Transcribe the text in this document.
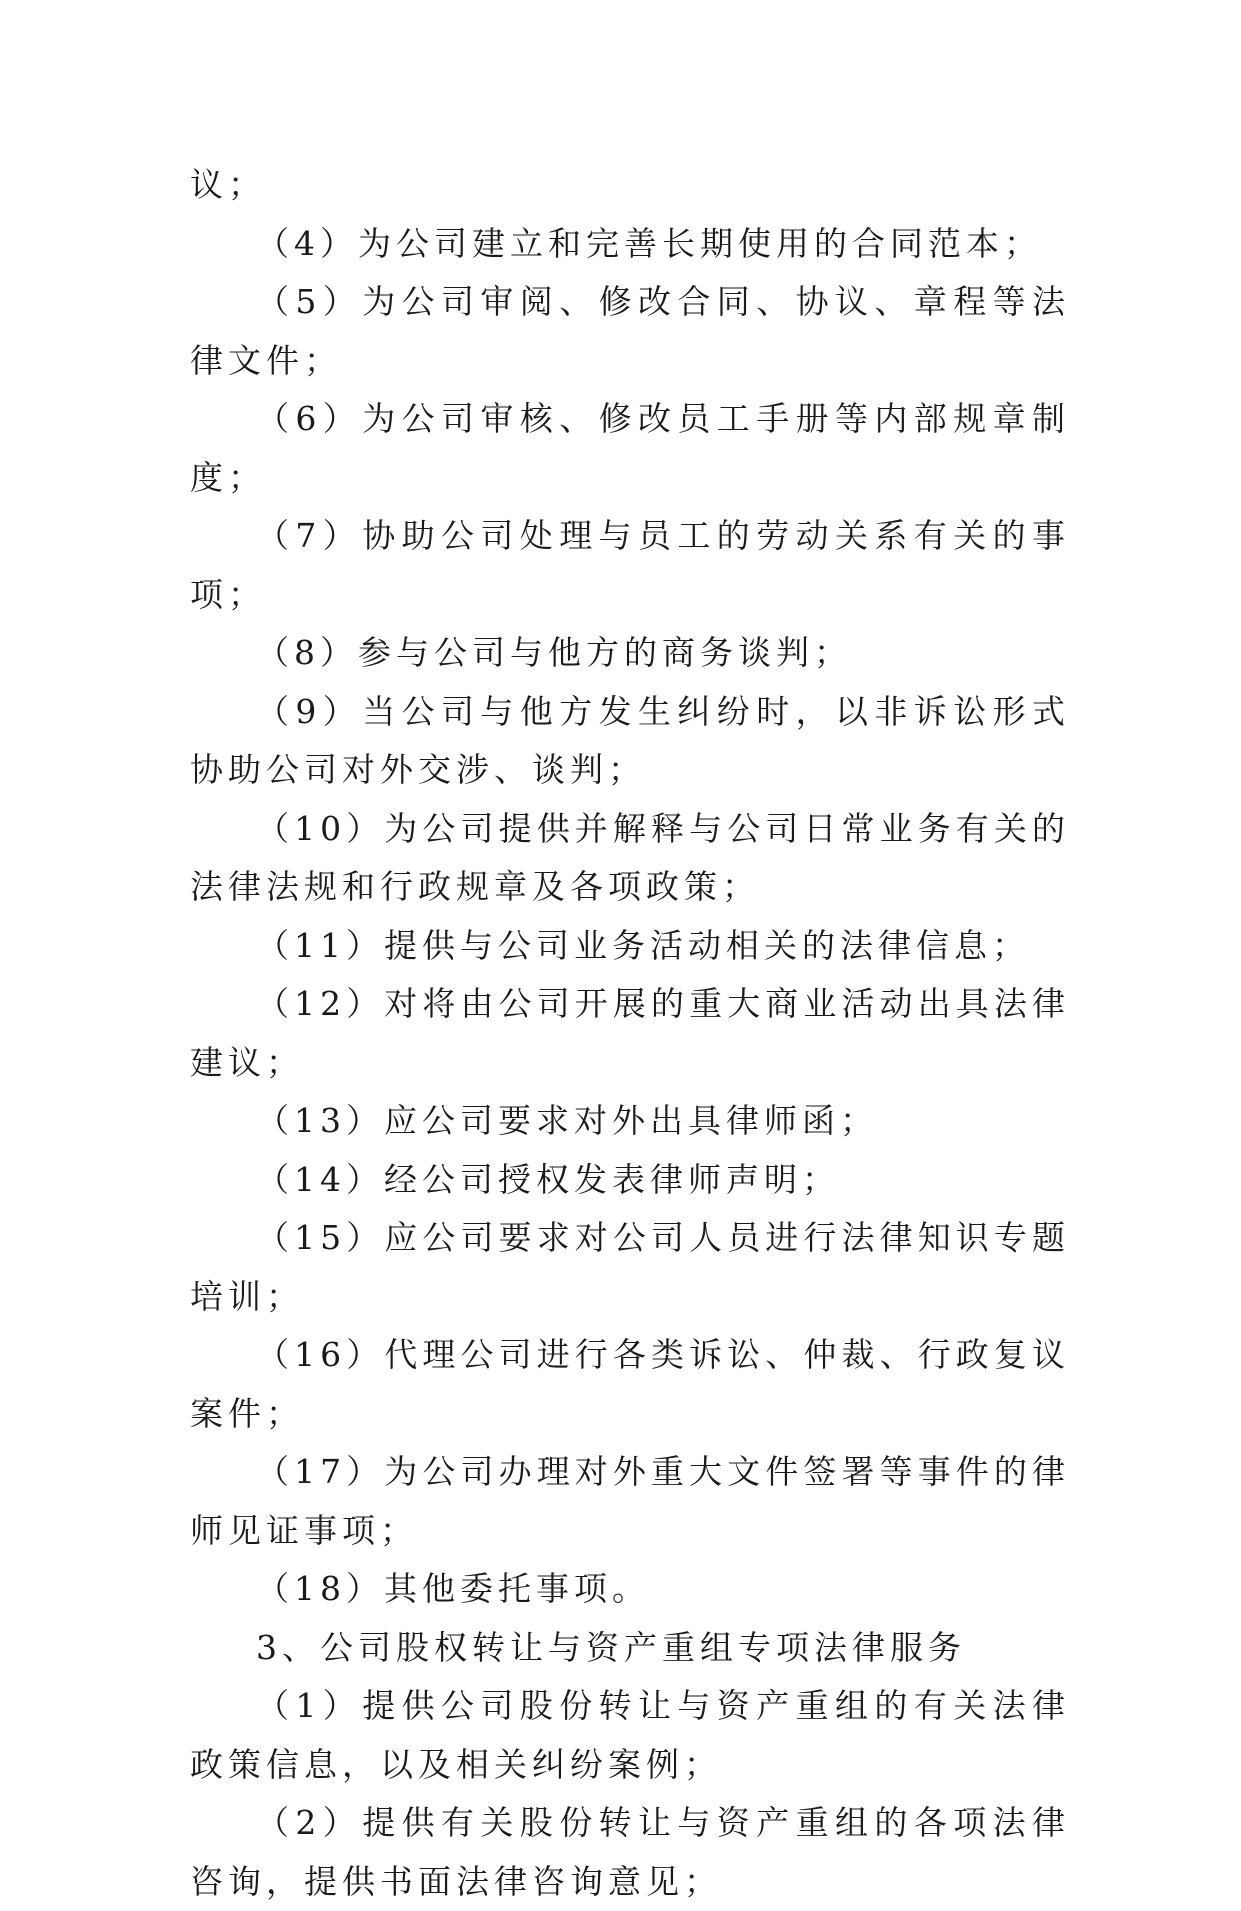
议；

（4）为公司建立和完善长期使用的合同范本；

（5）为公司审阅、修改合同、协议、章程等法律文件；

（6）为公司审核、修改员工手册等内部规章制度；

（7）协助公司处理与员工的劳动关系有关的事项；

（8）参与公司与他方的商务谈判；

（9）当公司与他方发生纠纷时，以非诉讼形式协助公司对外交涉、谈判；

（10）为公司提供并解释与公司日常业务有关的法律法规和行政规章及各项政策；

（11）提供与公司业务活动相关的法律信息；

（12）对将由公司开展的重大商业活动出具法律建议；

（13）应公司要求对外出具律师函；

（14）经公司授权发表律师声明；

（15）应公司要求对公司人员进行法律知识专题培训；

（16）代理公司进行各类诉讼、仲裁、行政复议案件；

（17）为公司办理对外重大文件签署等事件的律师见证事项；

（18）其他委托事项。

3、公司股权转让与资产重组专项法律服务

（1）提供公司股份转让与资产重组的有关法律政策信息，以及相关纠纷案例；

（2）提供有关股份转让与资产重组的各项法律咨询，提供书面法律咨询意见；
